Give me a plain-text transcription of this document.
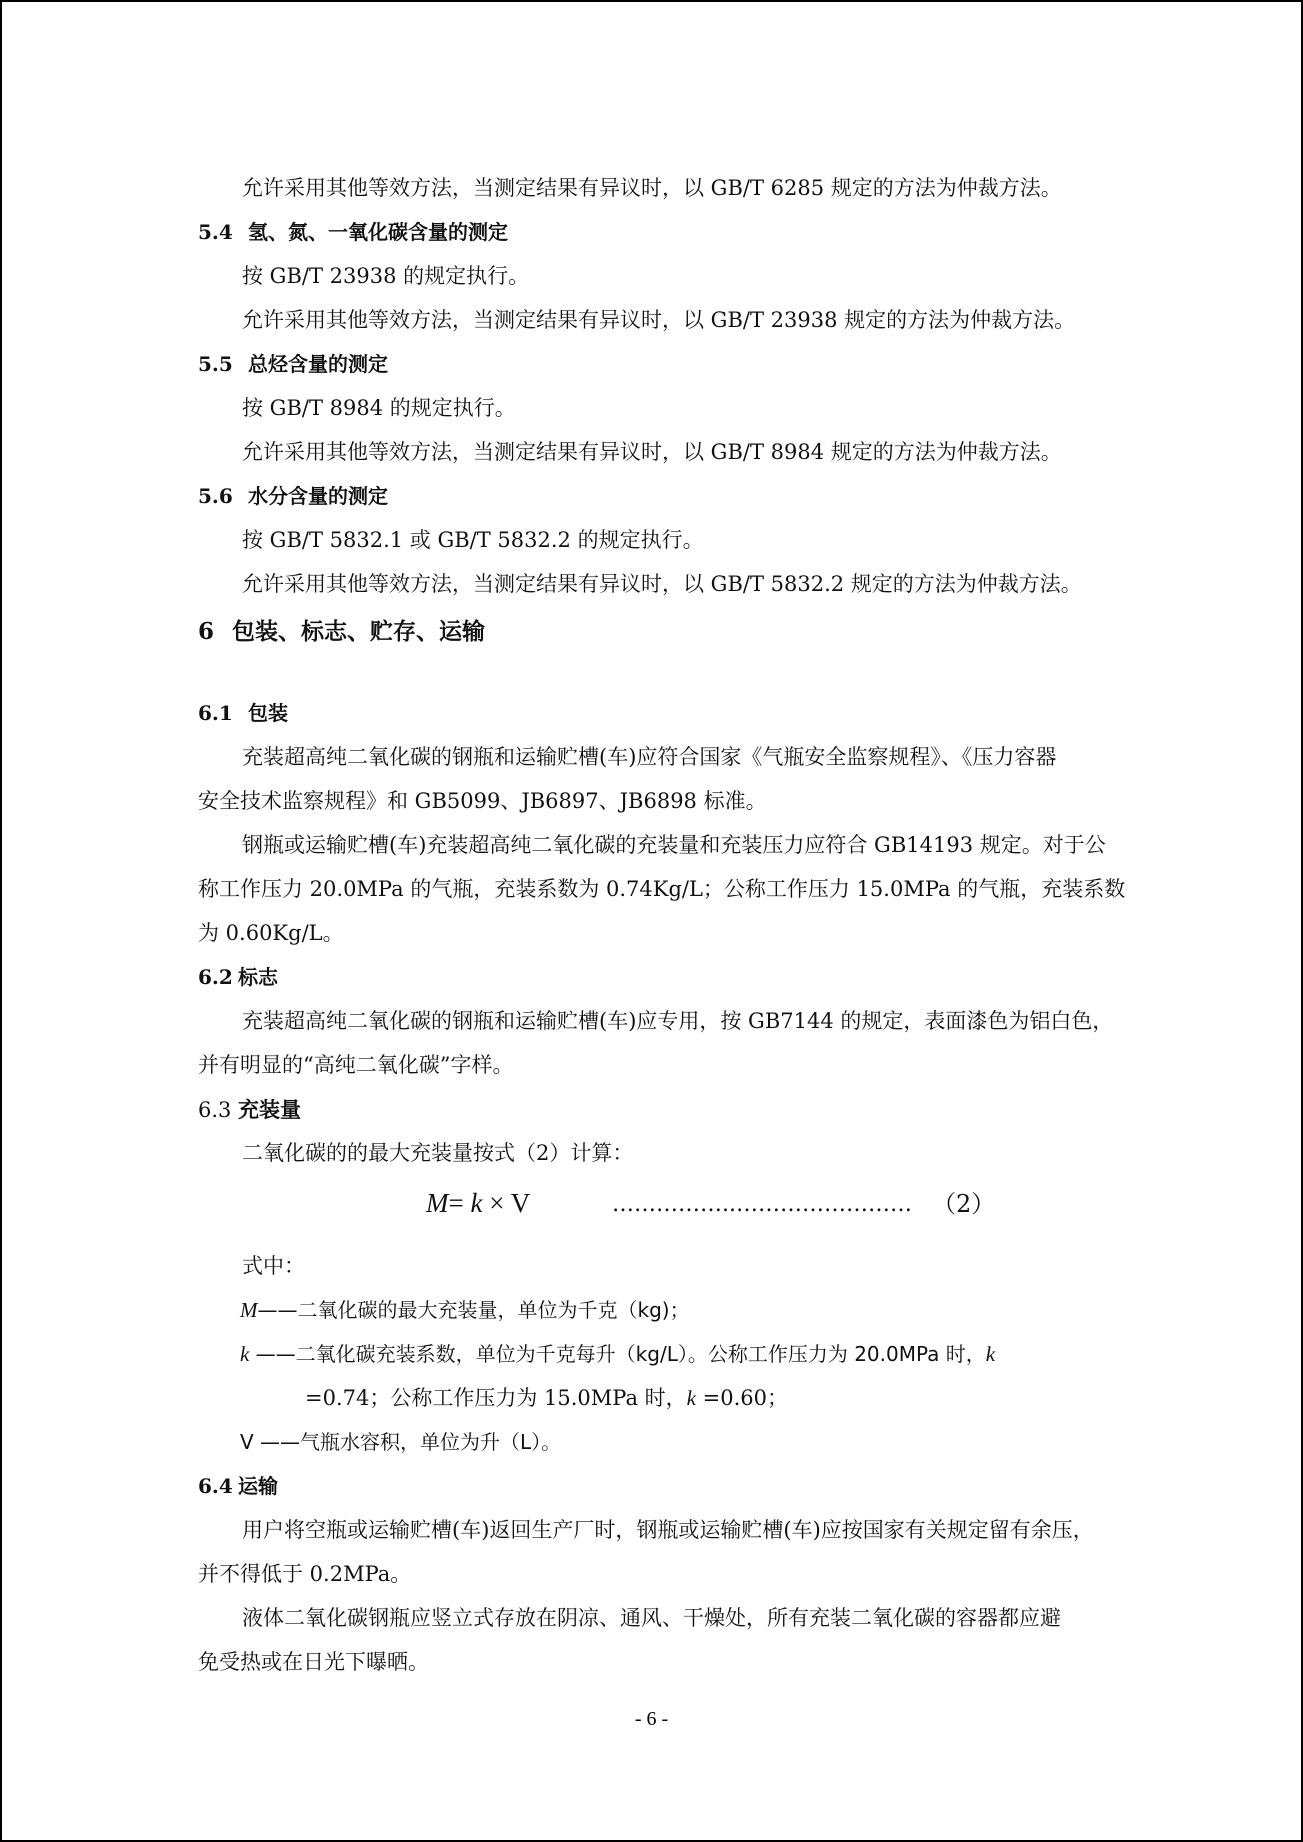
允许采用其他等效方法，当测定结果有异议时，以 GB/T 6285 规定的方法为仲裁方法。
5.4 氢、氮、一氧化碳含量的测定
按 GB/T 23938 的规定执行。
允许采用其他等效方法，当测定结果有异议时，以 GB/T 23938 规定的方法为仲裁方法。
5.5 总烃含量的测定
按 GB/T 8984 的规定执行。
允许采用其他等效方法，当测定结果有异议时，以 GB/T 8984 规定的方法为仲裁方法。
5.6 水分含量的测定
按 GB/T 5832.1 或 GB/T 5832.2 的规定执行。
允许采用其他等效方法，当测定结果有异议时，以 GB/T 5832.2 规定的方法为仲裁方法。
6 包装、标志、贮存、运输
6.1 包装
充装超高纯二氧化碳的钢瓶和运输贮槽(车)应符合国家《气瓶安全监察规程》、《压力容器
安全技术监察规程》和 GB5099、JB6897、JB6898 标准。
钢瓶或运输贮槽(车)充装超高纯二氧化碳的充装量和充装压力应符合 GB14193 规定。对于公
称工作压力 20.0MPa 的气瓶，充装系数为 0.74Kg/L；公称工作压力 15.0MPa 的气瓶，充装系数
为 0.60Kg/L。
6.2 标志
充装超高纯二氧化碳的钢瓶和运输贮槽(车)应专用，按 GB7144 的规定，表面漆色为铝白色，
并有明显的“高纯二氧化碳”字样。
6.3 充装量
二氧化碳的的最大充装量按式（2）计算：
M= k × V	……………..…………………… （2）
式中：
M——二氧化碳的最大充装量，单位为千克（kg)；
k ——二氧化碳充装系数，单位为千克每升（kg/L）。公称工作压力为 20.0MPa 时，k
=0.74；公称工作压力为 15.0MPa 时，k =0.60；
V ——气瓶水容积，单位为升（L）。
6.4 运输
用户将空瓶或运输贮槽(车)返回生产厂时，钢瓶或运输贮槽(车)应按国家有关规定留有余压，
并不得低于 0.2MPa。
液体二氧化碳钢瓶应竖立式存放在阴凉、通风、干燥处，所有充装二氧化碳的容器都应避
免受热或在日光下曝晒。
- 6 -
